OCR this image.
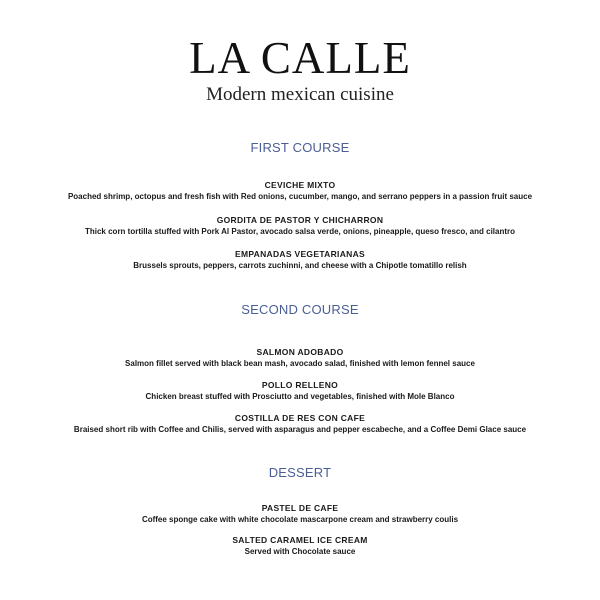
LA CALLE

Modern mexican cuisine

FIRST COURSE
CEVICHE MIXTO
Poached shrimp, octopus and fresh fish with Red onions, cucumber, mango, and serrano peppers in a passion fruit sauce
GORDITA DE PASTOR Y CHICHARRON
Thick corn tortilla stuffed with Pork Al Pastor, avocado salsa verde, onions, pineapple, queso fresco, and cilantro
EMPANADAS VEGETARIANAS
Brussels sprouts, peppers, carrots zuchinni, and cheese with a Chipotle tomatillo relish
SECOND COURSE
SALMON ADOBADO
Salmon fillet served with black bean mash, avocado salad, finished with lemon fennel sauce
POLLO RELLENO
Chicken breast stuffed with Prosciutto and vegetables, finished with Mole Blanco
COSTILLA DE RES CON CAFE
Braised short rib with Coffee and Chilis, served with asparagus and pepper escabeche, and a Coffee Demi Glace sauce
DESSERT
PASTEL DE CAFE
Coffee sponge cake with white chocolate mascarpone cream and strawberry coulis
SALTED CARAMEL ICE CREAM
Served with Chocolate sauce
